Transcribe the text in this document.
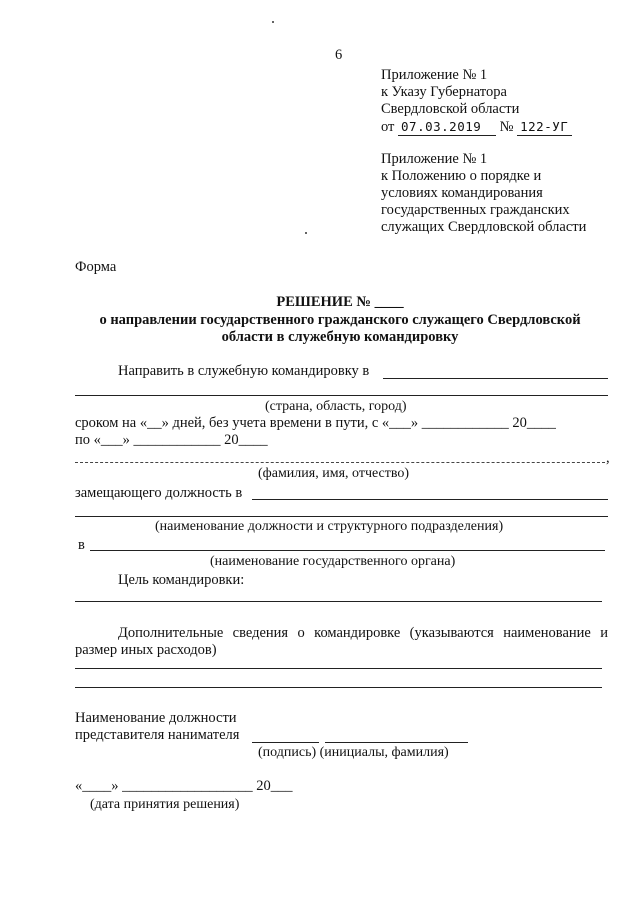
6
Приложение № 1
к Указу Губернатора
Свердловской области
от 07.03.2019 № 122-УГ
Приложение № 1
к Положению о порядке и
условиях командирования
государственных гражданских
служащих Свердловской области
Форма
РЕШЕНИЕ № ____
о направлении государственного гражданского служащего Свердловской
области в служебную командировку
Направить в служебную командировку в
(страна, область, город)
сроком на «__» дней, без учета времени в пути, с «___» ____________ 20____
по «___» ____________ 20____
,
(фамилия, имя, отчество)
замещающего должность в
(наименование должности и структурного подразделения)
в
(наименование государственного органа)
Цель командировки:
Дополнительные сведения о командировке (указываются наименование и
размер иных расходов)
Наименование должности
представителя нанимателя
(подпись) (инициалы, фамилия)
«____» __________________ 20___
(дата принятия решения)
